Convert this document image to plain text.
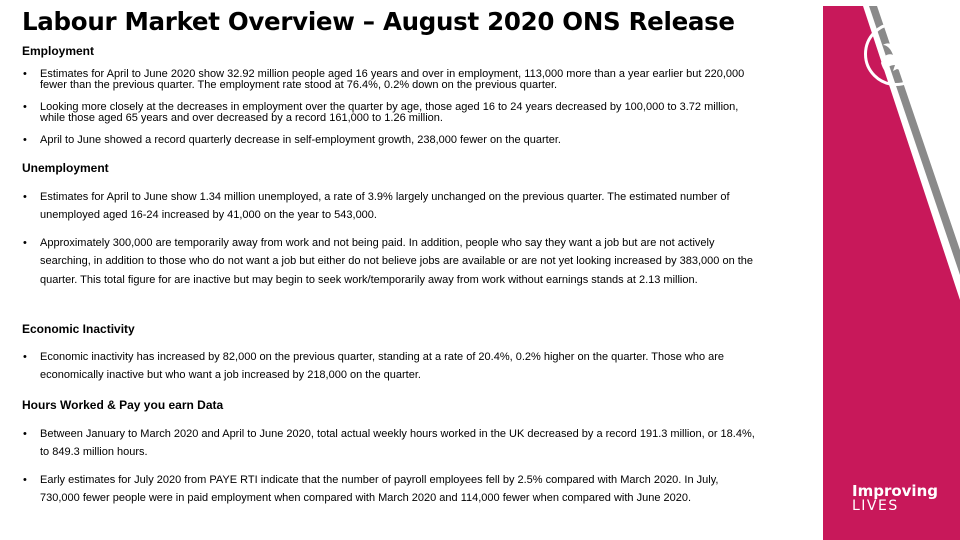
Labour Market Overview – August 2020 ONS Release
Employment
• Estimates for April to June 2020 show 32.92 million people aged 16 years and over in employment, 113,000 more than a year earlier but 220,000 fewer than the previous quarter. The employment rate stood at 76.4%, 0.2% down on the previous quarter.
• Looking more closely at the decreases in employment over the quarter by age, those aged 16 to 24 years decreased by 100,000 to 3.72 million, while those aged 65 years and over decreased by a record 161,000 to 1.26 million.
• April to June showed a record quarterly decrease in self-employment growth, 238,000 fewer on the quarter.
Unemployment
• Estimates for April to June show 1.34 million unemployed, a rate of 3.9% largely unchanged on the previous quarter. The estimated number of unemployed aged 16-24 increased by 41,000 on the year to 543,000.
• Approximately 300,000 are temporarily away from work and not being paid. In addition, people who say they want a job but are not actively searching, in addition to those who do not want a job but either do not believe jobs are available or are not yet looking increased by 383,000 on the quarter. This total figure for are inactive but may begin to seek work/temporarily away from work without earnings stands at 2.13 million.
Economic Inactivity
• Economic inactivity has increased by 82,000 on the previous quarter, standing at a rate of 20.4%, 0.2% higher on the quarter. Those who are economically inactive but who want a job increased by 218,000 on the quarter.
Hours Worked & Pay you earn Data
• Between January to March 2020 and April to June 2020, total actual weekly hours worked in the UK decreased by a record 191.3 million, or 18.4%, to 849.3 million hours.
• Early estimates for July 2020 from PAYE RTI indicate that the number of payroll employees fell by 2.5% compared with March 2020. In July, 730,000 fewer people were in paid employment when compared with March 2020 and 114,000 fewer when compared with June 2020.	Improving
LIVES
